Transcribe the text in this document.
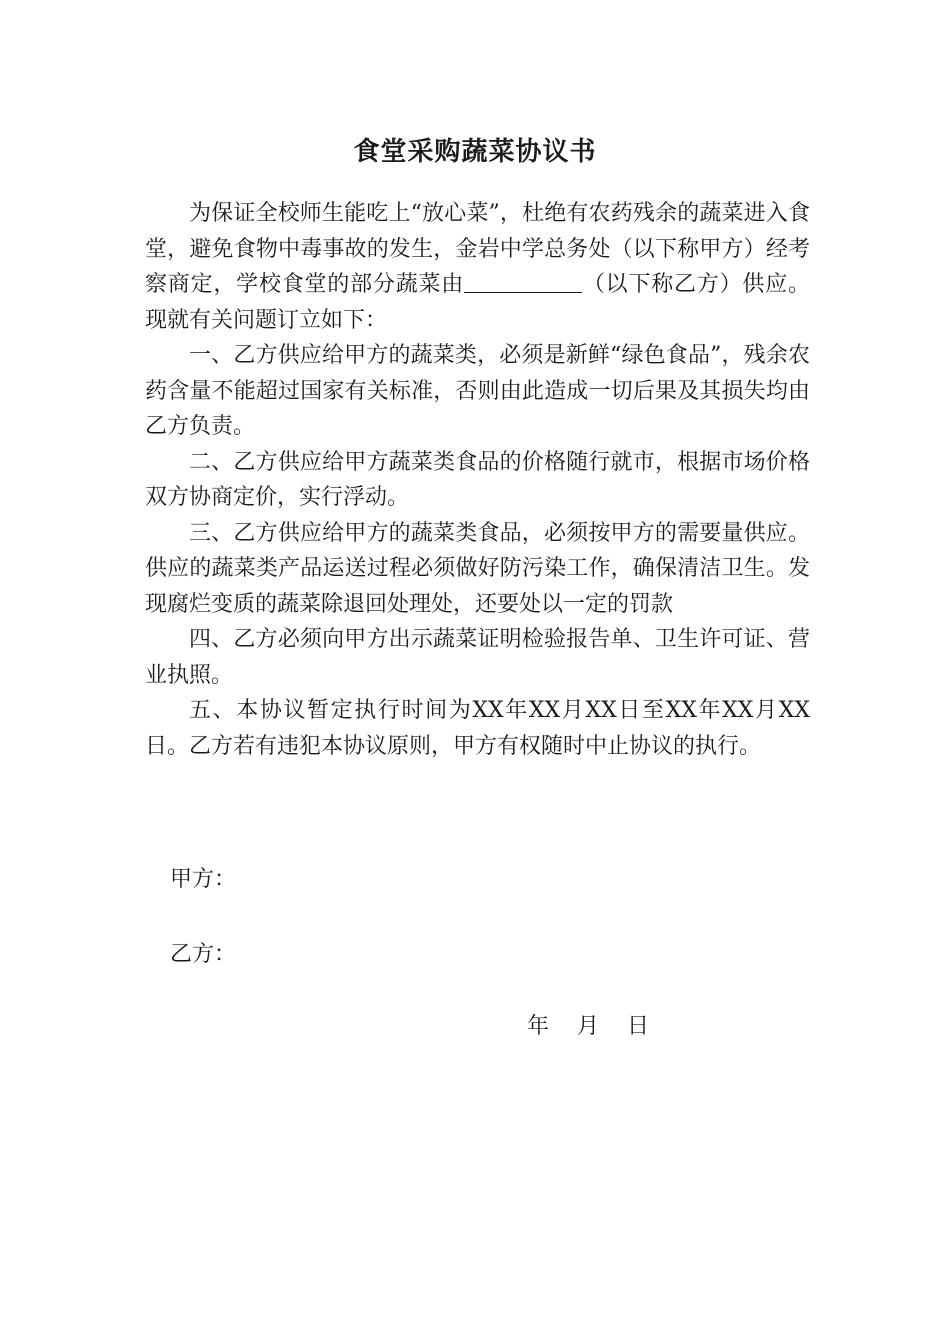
食堂采购蔬菜协议书

为保证全校师生能吃上“放心菜”，杜绝有农药残余的蔬菜进入食堂，避免食物中毒事故的发生，金岩中学总务处（以下称甲方）经考察商定，学校食堂的部分蔬菜由	（以下称乙方）供应。现就有关问题订立如下：

一、乙方供应给甲方的蔬菜类，必须是新鲜“绿色食品”，残余农药含量不能超过国家有关标准，否则由此造成一切后果及其损失均由乙方负责。

二、乙方供应给甲方蔬菜类食品的价格随行就市，根据市场价格双方协商定价，实行浮动。

三、乙方供应给甲方的蔬菜类食品，必须按甲方的需要量供应。供应的蔬菜类产品运送过程必须做好防污染工作，确保清洁卫生。发现腐烂变质的蔬菜除退回处理处，还要处以一定的罚款

四、乙方必须向甲方出示蔬菜证明检验报告单、卫生许可证、营业执照。

五、本协议暂定执行时间为XX年XX月XX日至XX年XX月XX日。乙方若有违犯本协议原则，甲方有权随时中止协议的执行。

甲方：
乙方：
年    月    日
